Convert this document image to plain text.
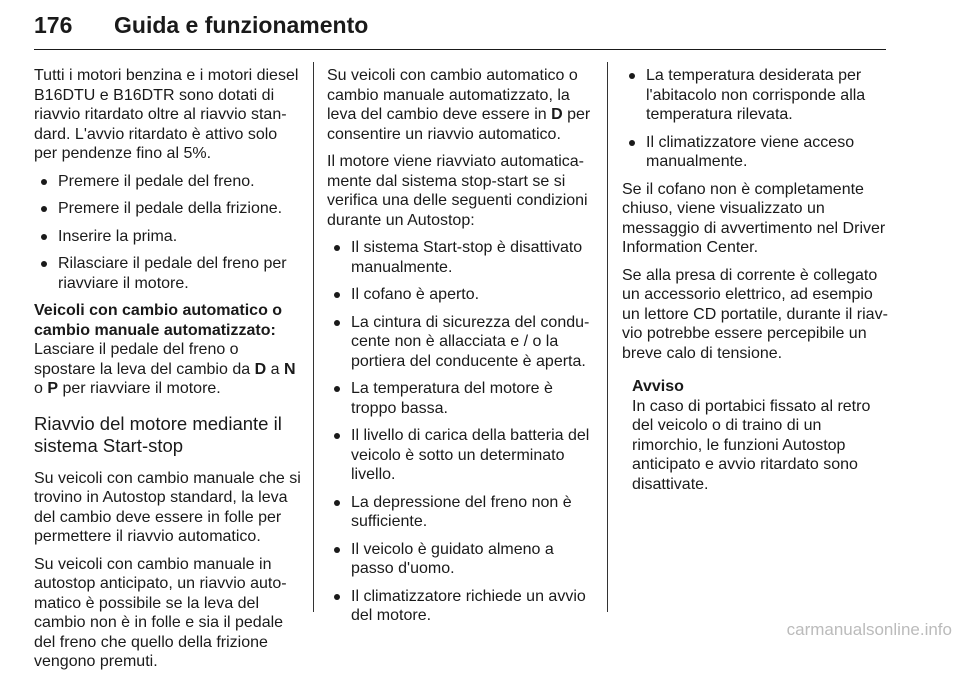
176 Guida e funzionamento

Tutti i motori benzina e i motori diesel B16DTU e B16DTR sono dotati di riavvio ritardato oltre al riavvio stan-dard. L'avvio ritardato è attivo solo per pendenze fino al 5%.

Premere il pedale del freno.
Premere il pedale della frizione.
Inserire la prima.
Rilasciare il pedale del freno per riavviare il motore.

Veicoli con cambio automatico o cambio manuale automatizzato:

Lasciare il pedale del freno o spostare la leva del cambio da D a N o P per riavviare il motore.

Riavvio del motore mediante il sistema Start-stop

Su veicoli con cambio manuale che si trovino in Autostop standard, la leva del cambio deve essere in folle per permettere il riavvio automatico.

Su veicoli con cambio manuale in autostop anticipato, un riavvio auto-matico è possibile se la leva del cambio non è in folle e sia il pedale del freno che quello della frizione vengono premuti.

Su veicoli con cambio automatico o cambio manuale automatizzato, la leva del cambio deve essere in D per consentire un riavvio automatico.

Il motore viene riavviato automatica-mente dal sistema stop-start se si verifica una delle seguenti condizioni durante un Autostop:

Il sistema Start-stop è disattivato manualmente.
Il cofano è aperto.
La cintura di sicurezza del condu-cente non è allacciata e / o la portiera del conducente è aperta.
La temperatura del motore è troppo bassa.
Il livello di carica della batteria del veicolo è sotto un determinato livello.
La depressione del freno non è sufficiente.
Il veicolo è guidato almeno a passo d'uomo.
Il climatizzatore richiede un avvio del motore.
La temperatura desiderata per l'abitacolo non corrisponde alla temperatura rilevata.
Il climatizzatore viene acceso manualmente.

Se il cofano non è completamente chiuso, viene visualizzato un messaggio di avvertimento nel Driver Information Center.

Se alla presa di corrente è collegato un accessorio elettrico, ad esempio un lettore CD portatile, durante il riav-vio potrebbe essere percepibile un breve calo di tensione.

Avviso
In caso di portabici fissato al retro del veicolo o di traino di un rimorchio, le funzioni Autostop anticipato e avvio ritardato sono disattivate.
carmanualsonline.info
